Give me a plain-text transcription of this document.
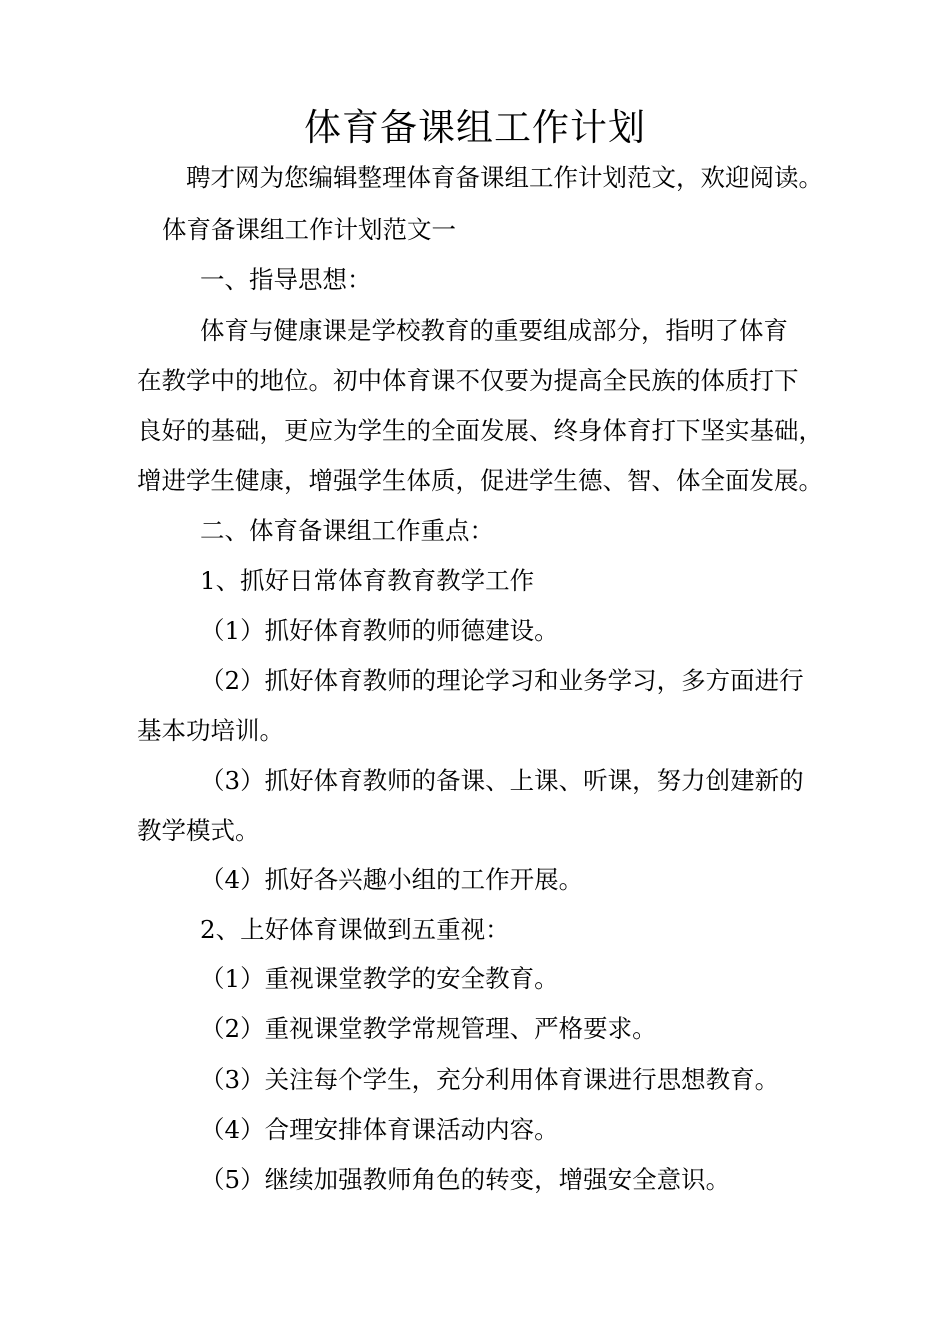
体育备课组工作计划
聘才网为您编辑整理体育备课组工作计划范文，欢迎阅读。
体育备课组工作计划范文一
一、指导思想：
体育与健康课是学校教育的重要组成部分，指明了体育
在教学中的地位。初中体育课不仅要为提高全民族的体质打下
良好的基础，更应为学生的全面发展、终身体育打下坚实基础，
增进学生健康，增强学生体质，促进学生德、智、体全面发展。
二、体育备课组工作重点：
1、抓好日常体育教育教学工作
（1）抓好体育教师的师德建设。
（2）抓好体育教师的理论学习和业务学习，多方面进行
基本功培训。
（3）抓好体育教师的备课、上课、听课，努力创建新的
教学模式。
（4）抓好各兴趣小组的工作开展。
2、上好体育课做到五重视：
（1）重视课堂教学的安全教育。
（2）重视课堂教学常规管理、严格要求。
（3）关注每个学生，充分利用体育课进行思想教育。
（4）合理安排体育课活动内容。
（5）继续加强教师角色的转变，增强安全意识。
